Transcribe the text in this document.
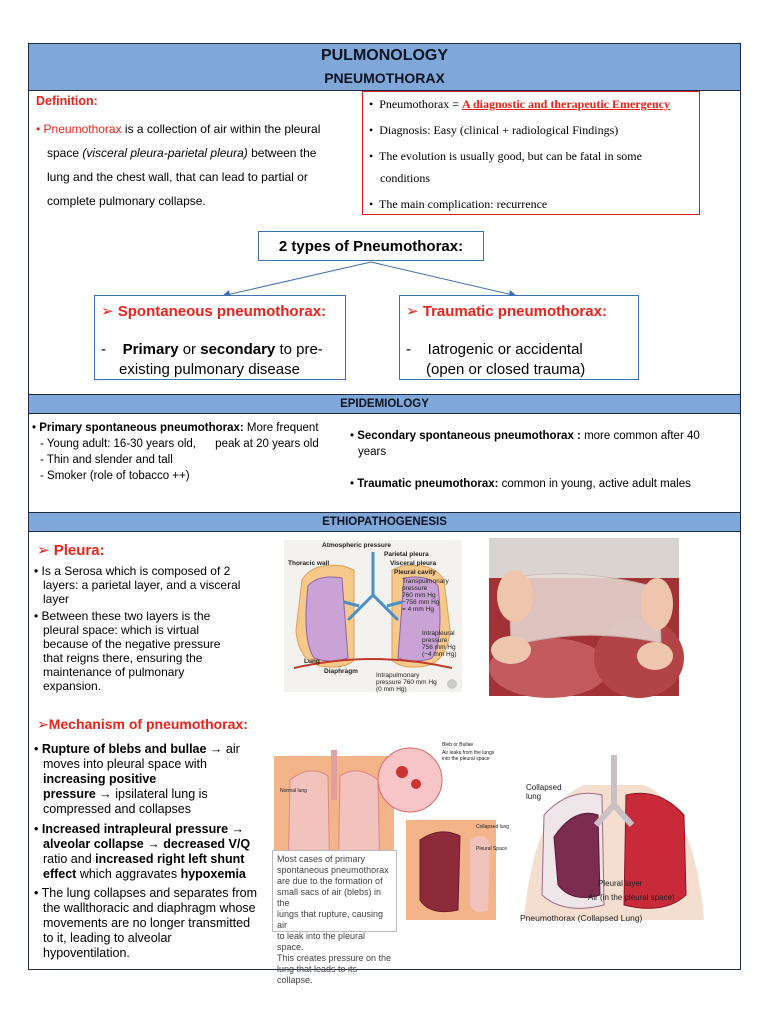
PULMONOLOGY
PNEUMOTHORAX
Definition:
• Pneumothorax is a collection of air within the pleural
space (visceral pleura-parietal pleura) between the
lung and the chest wall, that can lead to partial or
complete pulmonary collapse.
•  Pneumothorax = A diagnostic and therapeutic Emergency
•  Diagnosis: Easy (clinical + radiological Findings)
•  The evolution is usually good, but can be fatal in some
conditions
•  The main complication: recurrence
2 types of Pneumothorax:
➢ Spontaneous pneumothorax:
-    Primary or secondary to pre-
existing pulmonary disease
➢ Traumatic pneumothorax:
-    Iatrogenic or accidental
(open or closed trauma)
EPIDEMIOLOGY
• Primary spontaneous pneumothorax: More frequent
- Young adult: 16-30 years old,      peak at 20 years old
- Thin and slender and tall
- Smoker (role of tobacco ++)
• Secondary spontaneous pneumothorax : more common after 40
years
• Traumatic pneumothorax: common in young, active adult males
ETHIOPATHOGENESIS
➢ Pleura:
• Is a Serosa which is composed of 2
layers: a parietal layer, and a visceral
layer
• Between these two layers is the
pleural space: which is virtual
because of the negative pressure
that reigns there, ensuring the
maintenance of pulmonary
expansion.
➢Mechanism of pneumothorax:
• Rupture of blebs and bullae → air
moves into pleural space with
increasing positive
pressure → ipsilateral lung is
compressed and collapses
• Increased intrapleural pressure →
alveolar collapse → decreased V/Q
ratio and increased right left shunt
effect which aggravates hypoxemia
• The lung collapses and separates from
the wallthoracic and diaphragm whose
movements are no longer transmitted
to it, leading to alveolar
hypoventilation.
Atmospheric pressure
Thoracic wall
Parietal pleura
Visceral pleura
Pleural cavity
Transpulmonary
pressure
760 mm Hg
−756 mm Hg
= 4 mm Hg
Intrapleural
pressure
756 mm Hg
(−4 mm Hg)
Lung
Diaphragm
Intrapulmonary
pressure 760 mm Hg
(0 mm Hg)
Bleb or Bullae
Air leaks from the lungs
into the pleural space
Normal lung
Collapsed lung
Pleural Space
Most cases of primary
spontaneous pneumothorax
are due to the formation of
small sacs of air (blebs) in the
lungs that rupture, causing air
to leak into the pleural space.
This creates pressure on the
lung that leads to its collapse.
Collapsed
lung
Pleural layer
Air (in the pleural space)
Pneumothorax (Collapsed Lung)
